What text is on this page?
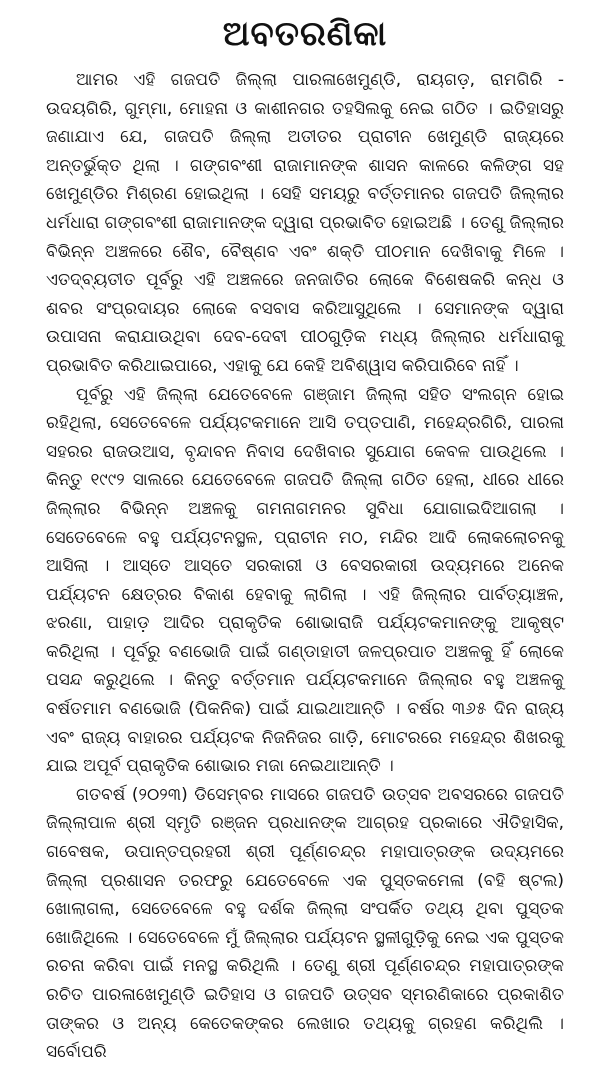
ଅବତରଣିକା

ଆମର ଏହି ଗଜପତି ଜିଲ୍ଲା ପାରଳାଖେମୁଣ୍ଡି, ରାୟଗଡ଼, ରାମଗିରି - ଉଦୟଗିରି, ଗୁମ୍ମା, ମୋହନା ଓ କାଶୀନଗର ତହସିଲକୁ ନେଇ ଗଠିତ । ଇତିହାସରୁ ଜଣାଯାଏ ଯେ, ଗଜପତି ଜିଲ୍ଲା ଅତୀତର ପ୍ରାଚୀନ ଖେମୁଣ୍ଡି ରାଜ୍ୟରେ ଅନ୍ତର୍ଭୁକ୍ତ ଥିଲା । ଗଙ୍ଗବଂଶୀ ରାଜାମାନଙ୍କ ଶାସନ କାଳରେ କଳିଙ୍ଗ ସହ ଖେମୁଣ୍ଡିର ମିଶ୍ରଣ ହୋଇଥିଲା । ସେହି ସମୟରୁ ବର୍ତ୍ତମାନର ଗଜପତି ଜିଲ୍ଲାର ଧର୍ମଧାରା ଗଙ୍ଗବଂଶୀ ରାଜାମାନଙ୍କ ଦ୍ୱାରା ପ୍ରଭାବିତ ହୋଇଅଛି । ତେଣୁ ଜିଲ୍ଲାର ବିଭିନ୍ନ ଅଞ୍ଚଳରେ ଶୈବ, ବୈଷ୍ଣବ ଏବଂ ଶକ୍ତି ପୀଠମାନ ଦେଖିବାକୁ ମିଳେ । ଏତଦ୍‌ବ୍ୟତୀତ ପୂର୍ବରୁ ଏହି ଅଞ୍ଚଳରେ ଜନଜାତିର ଲୋକେ ବିଶେଷକରି କନ୍ଧ ଓ ଶବର ସଂପ୍ରଦାୟର ଲୋକେ ବସବାସ କରିଆସୁଥିଲେ । ସେମାନଙ୍କ ଦ୍ୱାରା ଉପାସନା କରାଯାଉଥିବା ଦେବ-ଦେବୀ ପୀଠଗୁଡ଼ିକ ମଧ୍ୟ ଜିଲ୍ଲାର ଧର୍ମଧାରାକୁ ପ୍ରଭାବିତ କରିଥାଇପାରେ, ଏହାକୁ ଯେ କେହି ଅବିଶ୍ୱାସ କରିପାରିବେ ନାହିଁ ।

ପୂର୍ବରୁ ଏହି ଜିଲ୍ଲା ଯେତେବେଳେ ଗଞ୍ଜାମ ଜିଲ୍ଲା ସହିତ ସଂଲଗ୍ନ ହୋଇ ରହିଥିଲା, ସେତେବେଳେ ପର୍ଯ୍ୟଟକମାନେ ଆସି ତପ୍ତପାଣି, ମହେନ୍ଦ୍ରଗିରି, ପାରଳା ସହରର ରାଜଉଆସ, ବୃନ୍ଦାବନ ନିବାସ ଦେଖିବାର ସୁଯୋଗ କେବଳ ପାଉଥିଲେ । କିନ୍ତୁ ୧୯୯୨ ସାଲରେ ଯେତେବେଳେ ଗଜପତି ଜିଲ୍ଲା ଗଠିତ ହେଲା, ଧୀରେ ଧୀରେ ଜିଲ୍ଲାର ବିଭିନ୍ନ ଅଞ୍ଚଳକୁ ଗମନାଗମନର ସୁବିଧା ଯୋଗାଇଦିଆଗଲା । ସେତେବେଳେ ବହୁ ପର୍ଯ୍ୟଟନସ୍ଥଳ, ପ୍ରାଚୀନ ମଠ, ମନ୍ଦିର ଆଦି ଲୋକଲୋଚନକୁ ଆସିଲା । ଆସ୍ତେ ଆସ୍ତେ ସରକାରୀ ଓ ବେସରକାରୀ ଉଦ୍ୟମରେ ଅନେକ ପର୍ଯ୍ୟଟନ କ୍ଷେତ୍ରର ବିକାଶ ହେବାକୁ ଲାଗିଲା । ଏହି ଜିଲ୍ଲାର ପାର୍ବତ୍ୟାଞ୍ଚଳ, ଝରଣା, ପାହାଡ଼ ଆଦିର ପ୍ରାକୃତିକ ଶୋଭାରାଜି ପର୍ଯ୍ୟଟକମାନଙ୍କୁ ଆକୃଷ୍ଟ କରିଥିଲା । ପୂର୍ବରୁ ବଣଭୋଜି ପାଇଁ ଗଣ୍ଡାହାତୀ ଜଳପ୍ରପାତ ଅଞ୍ଚଳକୁ ହିଁ ଲୋକେ ପସନ୍ଦ କରୁଥିଲେ । କିନ୍ତୁ ବର୍ତ୍ତମାନ ପର୍ଯ୍ୟଟକମାନେ ଜିଲ୍ଲାର ବହୁ ଅଞ୍ଚଳକୁ ବର୍ଷତମାମ ବଣଭୋଜି (ପିକନିକ) ପାଇଁ ଯାଇଥାଆନ୍ତି । ବର୍ଷର ୩୬୫ ଦିନ ରାଜ୍ୟ ଏବଂ ରାଜ୍ୟ ବାହାରର ପର୍ଯ୍ୟଟକ ନିଜନିଜର ଗାଡ଼ି, ମୋଟରରେ ମହେନ୍ଦ୍ର ଶିଖରକୁ ଯାଇ ଅପୂର୍ବ ପ୍ରାକୃତିକ ଶୋଭାର ମଜା ନେଇଥାଆନ୍ତି ।

ଗତବର୍ଷ (୨୦୨୩) ଡିସେମ୍ବର ମାସରେ ଗଜପତି ଉତ୍ସବ ଅବସରରେ ଗଜପତି ଜିଲ୍ଲାପାଳ ଶ୍ରୀ ସ୍ମୃତି ରଞ୍ଜନ ପ୍ରଧାନଙ୍କ ଆଗ୍ରହ ପ୍ରକାରେ ଐତିହାସିକ, ଗବେଷକ, ଉପାନ୍ତପ୍ରହରୀ ଶ୍ରୀ ପୂର୍ଣ୍ଣଚନ୍ଦ୍ର ମହାପାତ୍ରଙ୍କ ଉଦ୍ୟମରେ ଜିଲ୍ଲା ପ୍ରଶାସନ ତରଫରୁ ଯେତେବେଳେ ଏକ ପୁସ୍ତକମେଳା (ବହି ଷ୍ଟଲ) ଖୋଲାଗଲା, ସେତେବେଳେ ବହୁ ଦର୍ଶକ ଜିଲ୍ଲା ସଂପର୍କିତ ତଥ୍ୟ ଥିବା ପୁସ୍ତକ ଖୋଜିଥିଲେ । ସେତେବେଳେ ମୁଁ ଜିଲ୍ଲାର ପର୍ଯ୍ୟଟନ ସ୍ଥଳୀଗୁଡ଼ିକୁ ନେଇ ଏକ ପୁସ୍ତକ ରଚନା କରିବା ପାଇଁ ମନସ୍ଥ କରିଥିଲି । ତେଣୁ ଶ୍ରୀ ପୂର୍ଣ୍ଣଚନ୍ଦ୍ର ମହାପାତ୍ରଙ୍କ ରଚିତ ପାରଳାଖେମୁଣ୍ଡି ଇତିହାସ ଓ ଗଜପତି ଉତ୍ସବ ସ୍ମରଣିକାରେ ପ୍ରକାଶିତ ତାଙ୍କର ଓ ଅନ୍ୟ କେତେକଙ୍କର ଲେଖାର ତଥ୍ୟକୁ ଗ୍ରହଣ କରିଥିଲି । ସର୍ବୋପରି
